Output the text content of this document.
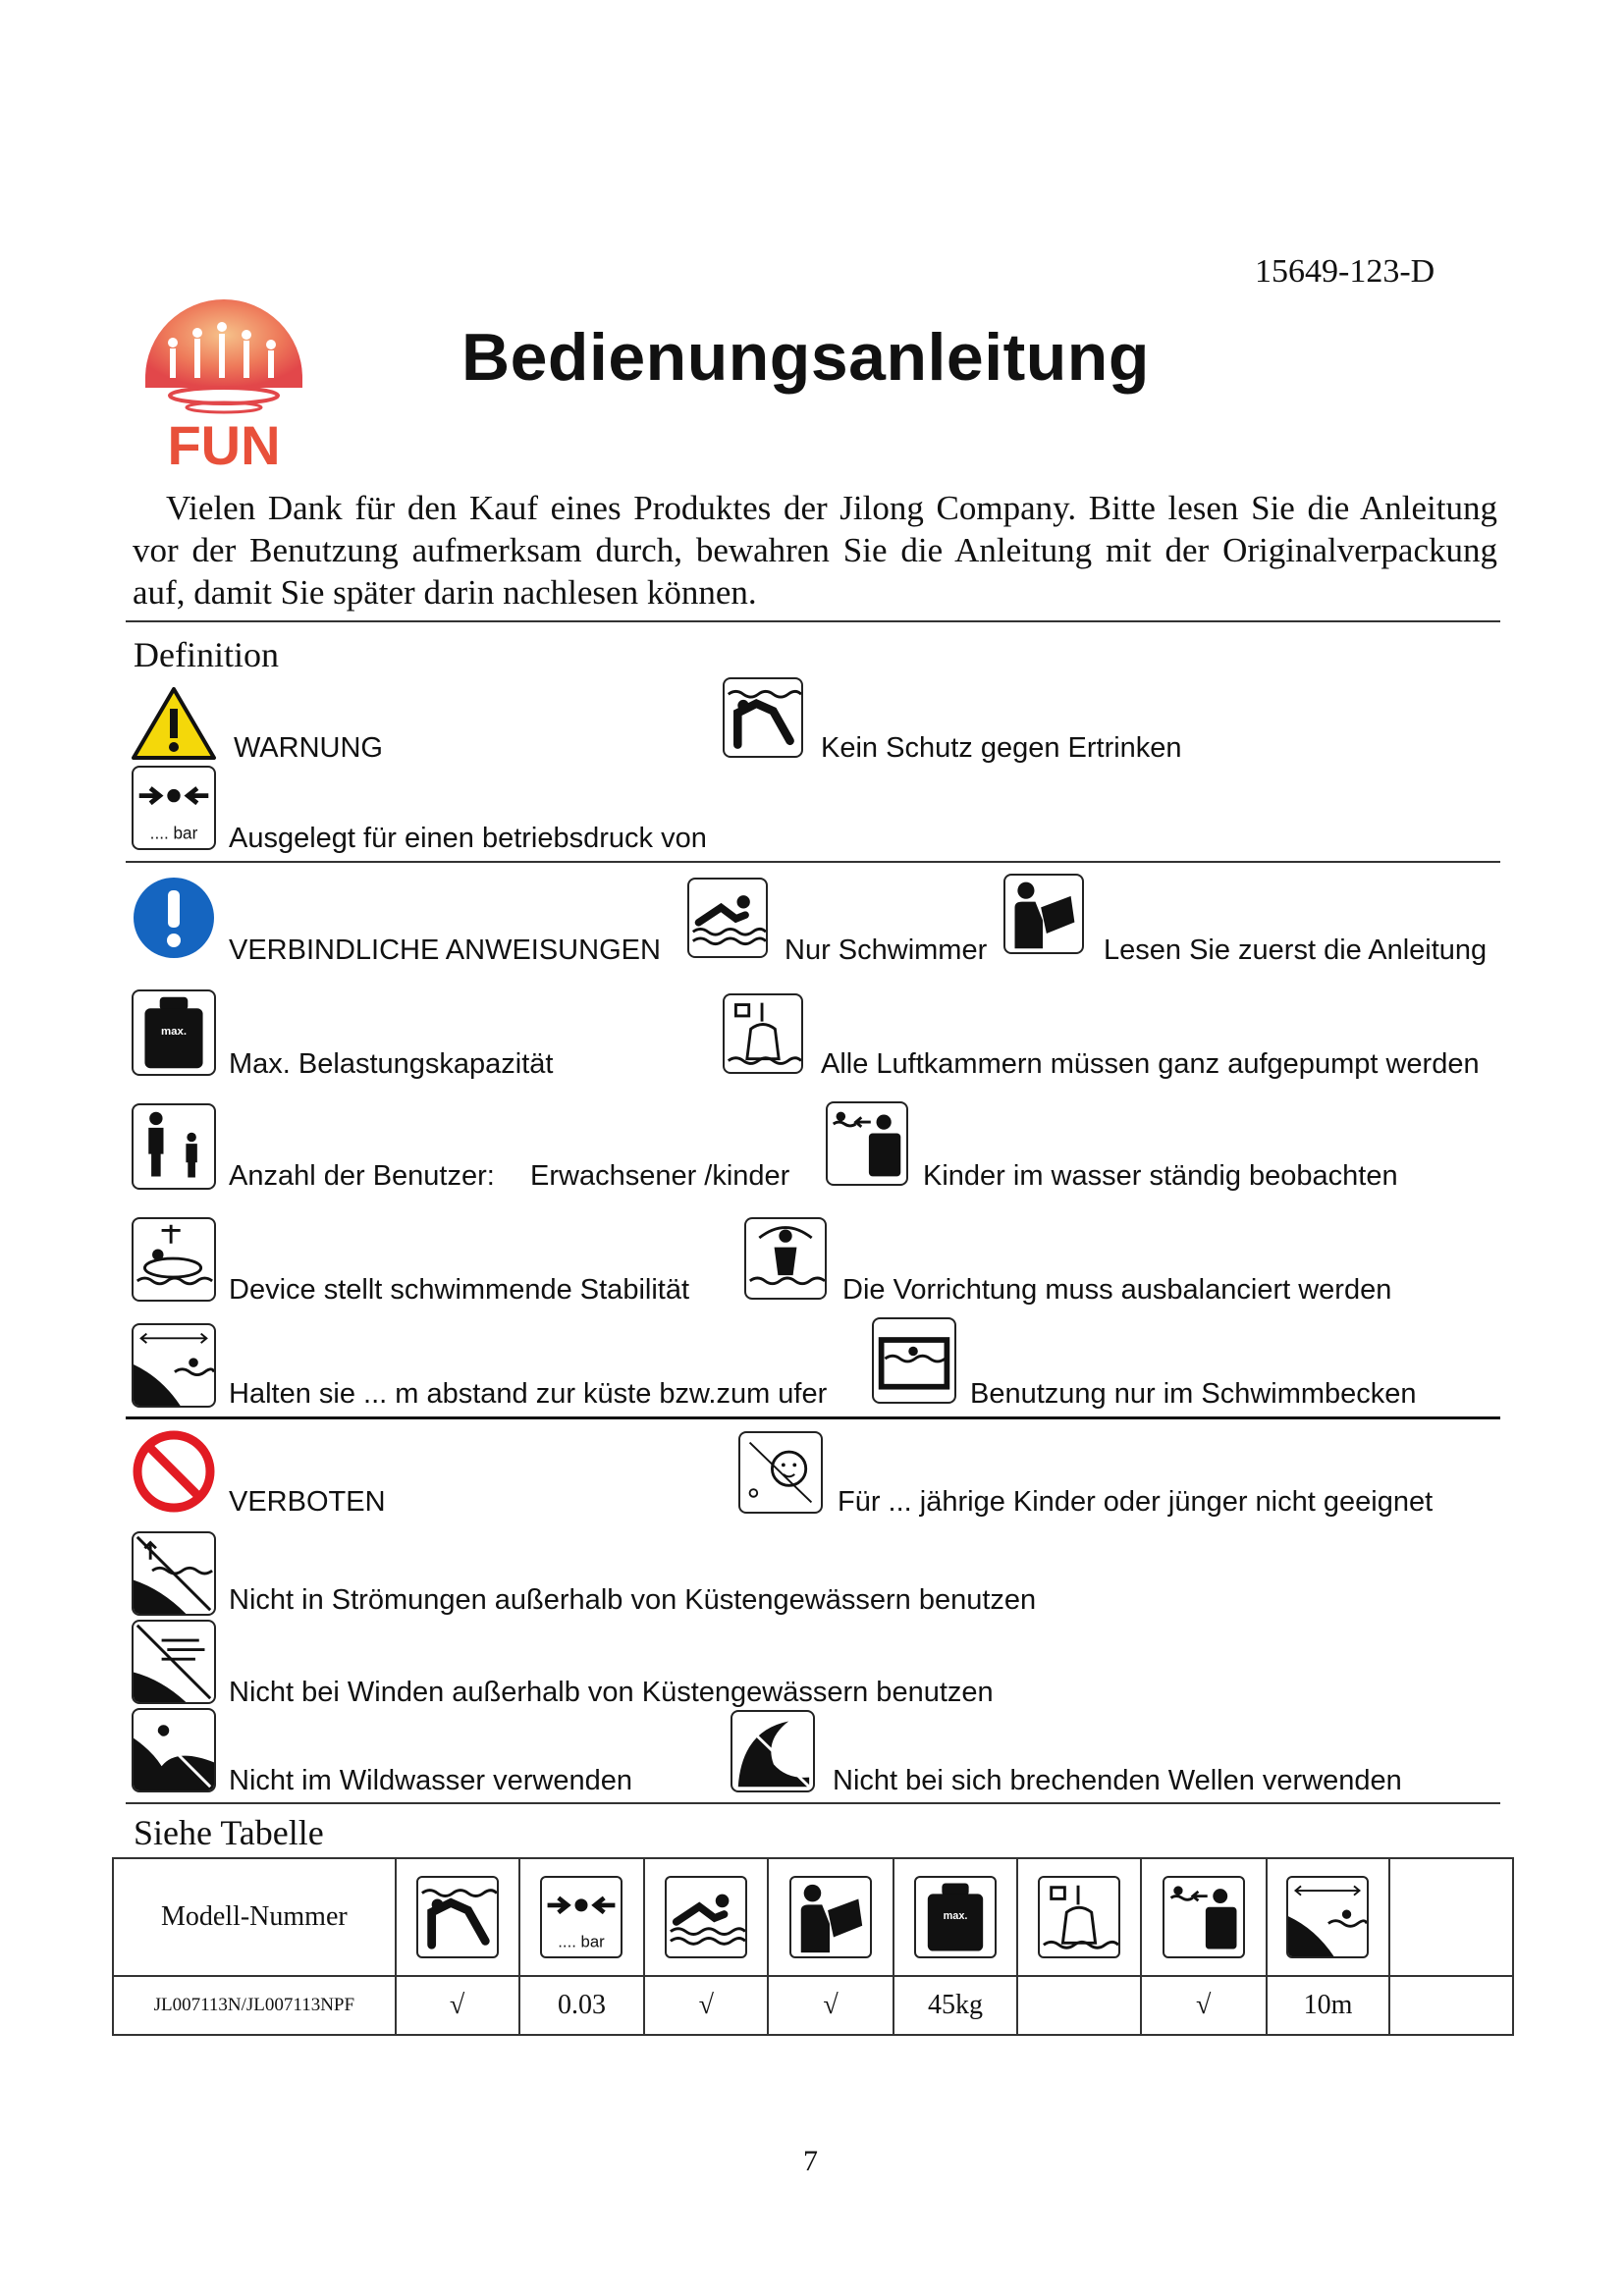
15649-123-D
FUN
Bedienungsanleitung
Vielen Dank für den Kauf eines Produktes der Jilong Company. Bitte lesen Sie die Anleitung vor der Benutzung aufmerksam durch, bewahren Sie die Anleitung mit der Originalverpackung auf, damit Sie später darin nachlesen können.
Definition
WARNUNG	Kein Schutz gegen Ertrinken
.... bar Ausgelegt für einen betriebsdruck von
VERBINDLICHE ANWEISUNGEN	Nur Schwimmer	Lesen Sie zuerst die Anleitung
max.
Max. Belastungskapazität	Alle Luftkammern müssen ganz aufgepumpt werden
Anzahl der Benutzer: Erwachsener /kinder	Kinder im wasser ständig beobachten
Device stellt schwimmende Stabilität	Die Vorrichtung muss ausbalanciert werden
Halten sie ... m abstand zur küste bzw.zum ufer	Benutzung nur im Schwimmbecken
VERBOTEN	Für ... jährige Kinder oder jünger nicht geeignet
Nicht in Strömungen außerhalb von Küstengewässern benutzen
Nicht bei Winden außerhalb von Küstengewässern benutzen
Nicht im Wildwasser verwenden	Nicht bei sich brechenden Wellen verwenden
Siehe Tabelle
Modell-Nummer		.... bar			max.

JL007113N/JL007113NPF	√	0.03	√	√	45kg		√	10m	
7
